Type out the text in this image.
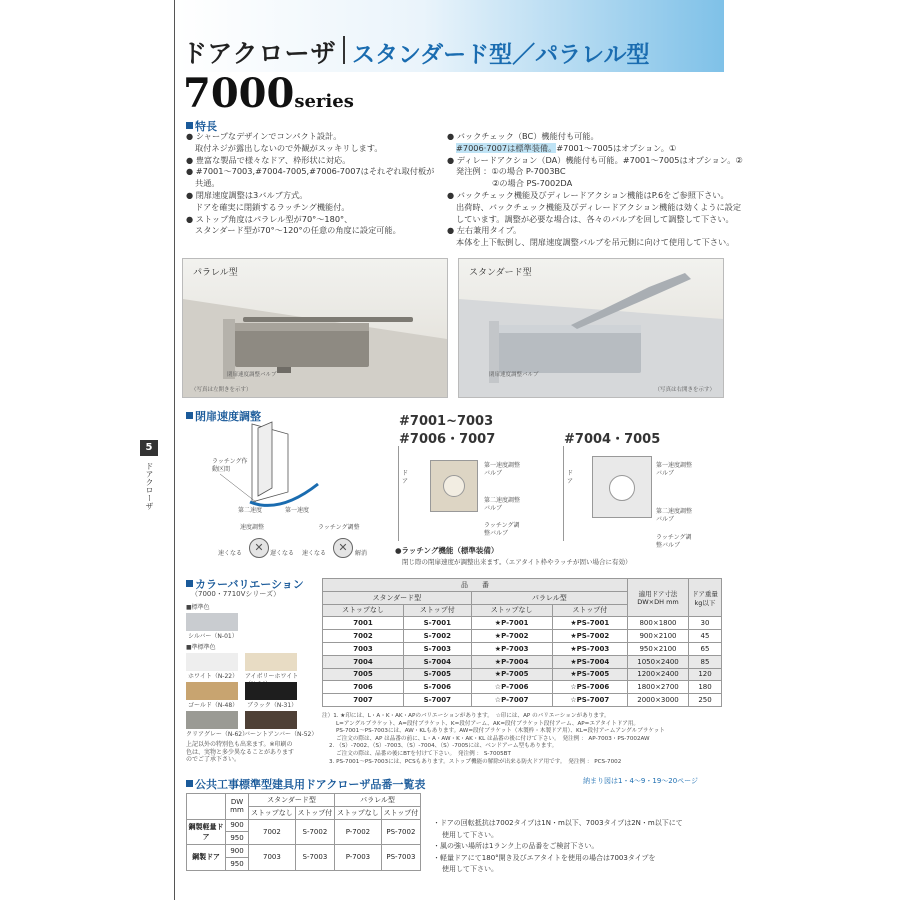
ドアクローザ スタンダード型／パラレル型
7000series
特長

● シャープなデザインでコンパクト設計。

取付ネジが露出しないので外観がスッキリします。

● 豊富な製品で様々なドア、枠形状に対応。

● #7001～7003,#7004-7005,#7006-7007はそれぞれ取付板が

共通。

● 閉扉速度調整は3バルブ方式。

ドアを確実に閉鎖するラッチング機能付。

● ストップ角度はパラレル型が70°～180°、

スタンダード型が70°～120°の任意の角度に設定可能。

● バックチェック（BC）機能付も可能。

#7006·7007は標準装備。#7001～7005はオプション。①

● ディレードアクション（DA）機能付も可能。#7001～7005はオプション。②

発注例 ：①の場合 P-7003BC

②の場合 PS-7002DA

● バックチェック機能及びディレードアクション機能はP.6をご参照下さい。

出荷時、バックチェック機能及びディレードアクション機能は効くように設定

しています。調整が必要な場合は、各々のバルブを回して調整して下さい。

● 左右兼用タイプ。

本体を上下転倒し、閉扉速度調整バルブを吊元側に向けて使用して下さい。

パラレル型
閉扉速度調整バルブ
（写真は左開きを示す）
スタンダード型
閉扉速度調整バルブ
（写真は右開きを示す）
5
ドアクローザ
閉扉速度調整
ラッチング作動区間
第二速度	第一速度
速度調整	ラッチング調整
✕	✕
速くなる	遅くなる 速くなる	解消
#7001~7003
#7006・7007	#7004・7005
ドア
第一速度調整バルブ
第二速度調整バルブ
ラッチング調整バルブ
ドア
第一速度調整バルブ
第二速度調整バルブ
ラッチング調整バルブ
●ラッチング機能（標準装備）
閉じ際の閉扉速度が調整出来ます。（エアタイト枠やラッチが固い場合に有効）
カラーバリエーション
（7000・7710Vシリーズ）
■標準色
シルバー（N-01）
■準標準色
ホワイト（N-22） アイボリーホワイト
ゴールド（N-48） ブラック（N-31）
クリアグレー（N-62）
バーントアンバー（N-52）
上記以外の特別色も出来ます。※印刷の色は、実物と多少異なることがありますのでご了承下さい。
品　　番				適用ドア寸法 DW×DH mm	ドア重量 kg以下
スタンダード型		パラレル型			
ストップなし	ストップ付	ストップなし	ストップ付		
7001	S-7001	★P-7001	★PS-7001	800×1800	30
7002	S-7002	★P-7002	★PS-7002	900×2100	45
7003	S-7003	★P-7003	★PS-7003	950×2100	65
7004	S-7004	★P-7004	★PS-7004	1050×2400	85
7005	S-7005	★P-7005	★PS-7005	1200×2400	120
7006	S-7006	☆P-7006	☆PS-7006	1800×2700	180
7007	S-7007	☆P-7007	☆PS-7007	2000×3000	250
注）1. ★印には、L・A・K・AK・APのバリエーションがあります。　☆印には、AP のバリエーションがあります。
L=アングルブラケット、A=段付ブラケット、K=段付アーム、AK=段付ブラケット段付アーム、AP=エアタイトドア用。
PS-7001～PS-7003には、AW・KLもあります。AW=段付ブラケット（木製枠・木製ドア用）、KL=段付アームアングルブラケット
ご注文の際は、AP は品番の前に、L・A・AW・K・AK・KL は品番の後に付けて下さい。　発注例 ： AP-7003・PS-7002AW
2. （S）-7002、（S）-7003、（S）-7004、（S）-7005には、ベンドアーム型もあります。
ご注文の際は、品番の後にBTを付けて下さい。　発注例 ： S-7005BT
3. PS-7001～PS-7003には、PCSもあります。ストップ機能の解除が出来る防火ドア用です。　発注例 ： PCS-7002
納まり図は1・4～9・19～20ページ
公共工事標準型建具用ドアクローザ品番一覧表
	DW
mm	スタンダード型		パラレル型	
		ストップなし	ストップ付	ストップなし	ストップ付
鋼製軽量ドア	900	7002	S-7002	P-7002	PS-7002
	950				
鋼製ドア	900	7003	S-7003	P-7003	PS-7003
	950				
・ドアの回転抵抗は7002タイプは1N・m以下、7003タイプは2N・m以下にて
使用して下さい。
・風の強い場所は1ランク上の品番をご検討下さい。
・軽量ドアにて180°開き及びエアタイトを使用の場合は7003タイプを
使用して下さい。
